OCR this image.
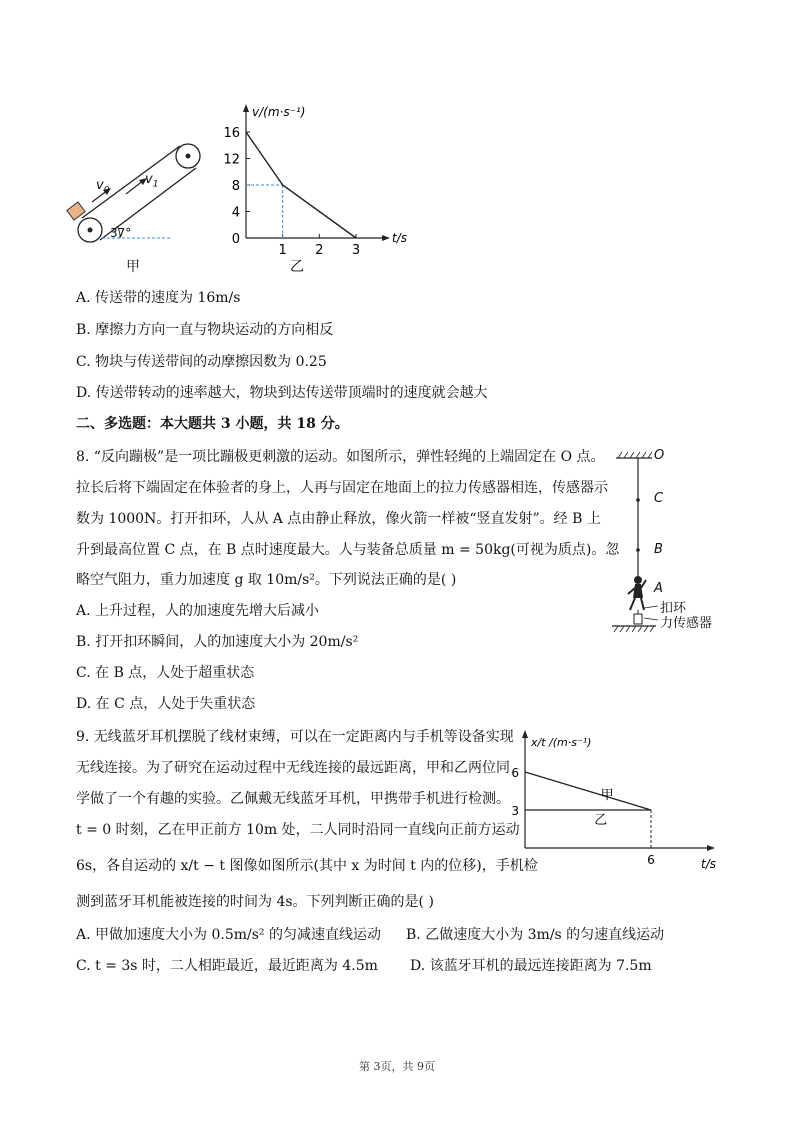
$v_0$
$v_1$
37°
甲
v/(m·s⁻¹)
t/s
16
12
8
4
0
1 2 3
乙
A. 传送带的速度为 16m/s
B. 摩擦力方向一直与物块运动的方向相反
C. 物块与传送带间的动摩擦因数为 0.25
D. 传送带转动的速率越大，物块到达传送带顶端时的速度就会越大
二、多选题：本大题共 3 小题，共 18 分。
8. “反向蹦极”是一项比蹦极更刺激的运动。如图所示，弹性轻绳的上端固定在 O 点。
拉长后将下端固定在体验者的身上，人再与固定在地面上的拉力传感器相连，传感器示
数为 1000N。打开扣环，人从 A 点由静止释放，像火箭一样被“竖直发射”。经 B 上
升到最高位置 C 点，在 B 点时速度最大。人与装备总质量 m = 50kg(可视为质点)。忽
略空气阻力，重力加速度 g 取 10m/s²。下列说法正确的是( )
A. 上升过程，人的加速度先增大后减小
B. 打开扣环瞬间，人的加速度大小为 20m/s²
C. 在 B 点，人处于超重状态
D. 在 C 点，人处于失重状态
O
C
B
A
扣环
力传感器
9. 无线蓝牙耳机摆脱了线材束缚，可以在一定距离内与手机等设备实现
无线连接。为了研究在运动过程中无线连接的最远距离，甲和乙两位同
学做了一个有趣的实验。乙佩戴无线蓝牙耳机，甲携带手机进行检测。
t = 0 时刻，乙在甲正前方 10m 处，二人同时沿同一直线向正前方运动
6s，各自运动的 x/t − t 图像如图所示(其中 x 为时间 t 内的位移)，手机检
测到蓝牙耳机能被连接的时间为 4s。下列判断正确的是( )
x/t /(m·s⁻¹)
t/s
6
3
6
甲
乙
A. 甲做加速度大小为 0.5m/s² 的匀减速直线运动 B. 乙做速度大小为 3m/s 的匀速直线运动
C. t = 3s 时，二人相距最近，最近距离为 4.5m D. 该蓝牙耳机的最远连接距离为 7.5m
第 3页，共 9页
